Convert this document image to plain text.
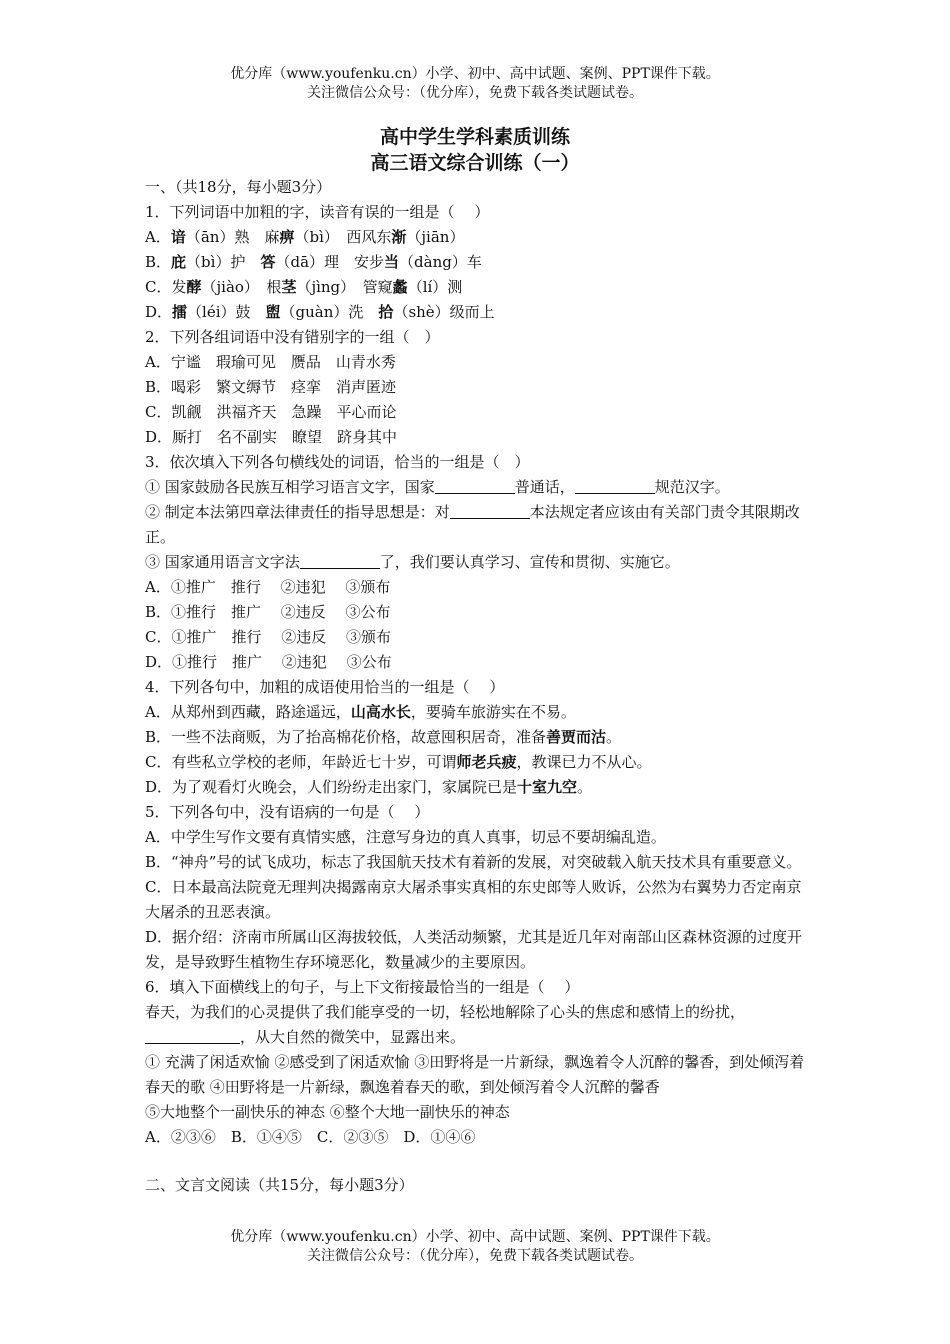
优分库（www.youfenku.cn）小学、初中、高中试题、案例、PPT课件下载。
关注微信公众号：（优分库），免费下载各类试题试卷。
高中学生学科素质训练
高三语文综合训练（一）
一、（共18分，每小题3分）
1．下列词语中加粗的字，读音有误的一组是（　 ）
A．谙（ān）熟　麻痹（bì）　西风东渐（jiān）
B．庇（bì）护　答（dā）理　安步当（dàng）车
C．发酵（jiào）　根茎（jìng）　管窥蠡（lí）测
D．擂（léi）鼓　盥（guàn）洗　拾（shè）级而上
2．下列各组词语中没有错别字的一组（　）
A．宁谧　瑕瑜可见　赝品　山青水秀
B．喝彩　繁文缛节　痉挛　消声匿迹
C．凯觎　洪福齐天　急躁　平心而论
D．厮打　名不副实　瞭望　跻身其中
3．依次填入下列各句横线处的词语，恰当的一组是（　）
① 国家鼓励各民族互相学习语言文字，国家	普通话，	规范汉字。
② 制定本法第四章法律责任的指导思想是：对	本法规定者应该由有关部门责令其限期改正。
③ 国家通用语言文字法	了，我们要认真学习、宣传和贯彻、实施它。
A．①推广　推行　 ②违犯　 ③颁布
B．①推行　推广　 ②违反　 ③公布
C．①推广　推行　 ②违反　 ③颁布
D．①推行　推广　 ②违犯　 ③公布
4．下列各句中，加粗的成语使用恰当的一组是（　 ）
A．从郑州到西藏，路途遥远，山高水长，要骑车旅游实在不易。
B．一些不法商贩，为了抬高棉花价格，故意囤积居奇，准备善贾而沽。
C．有些私立学校的老师，年龄近七十岁，可谓师老兵疲，教课已力不从心。
D．为了观看灯火晚会，人们纷纷走出家门，家属院已是十室九空。
5．下列各句中，没有语病的一句是（　 ）
A．中学生写作文要有真情实感，注意写身边的真人真事，切忌不要胡编乱造。
B．“神舟”号的试飞成功，标志了我国航天技术有着新的发展，对突破载入航天技术具有重要意义。
C．日本最高法院竟无理判决揭露南京大屠杀事实真相的东史郎等人败诉，公然为右翼势力否定南京大屠杀的丑恶表演。
D．据介绍：济南市所属山区海拔较低，人类活动频繁，尤其是近几年对南部山区森林资源的过度开发，是导致野生植物生存环境恶化，数量减少的主要原因。
6．填入下面横线上的句子，与上下文衔接最恰当的一组是（　 ）
春天，为我们的心灵提供了我们能享受的一切，轻松地解除了心头的焦虑和感情上的纷扰，，从大自然的微笑中，显露出来。
① 充满了闲适欢愉 ②感受到了闲适欢愉 ③田野将是一片新绿，飘逸着令人沉醉的馨香，到处倾泻着春天的歌 ④田野将是一片新绿，飘逸着春天的歌，到处倾泻着令人沉醉的馨香
⑤大地整个一副快乐的神态 ⑥整个大地一副快乐的神态
A．②③⑥　B．①④⑤　C．②③⑤　D．①④⑥
二、文言文阅读（共15分，每小题3分）
优分库（www.youfenku.cn）小学、初中、高中试题、案例、PPT课件下载。
关注微信公众号：（优分库），免费下载各类试题试卷。
